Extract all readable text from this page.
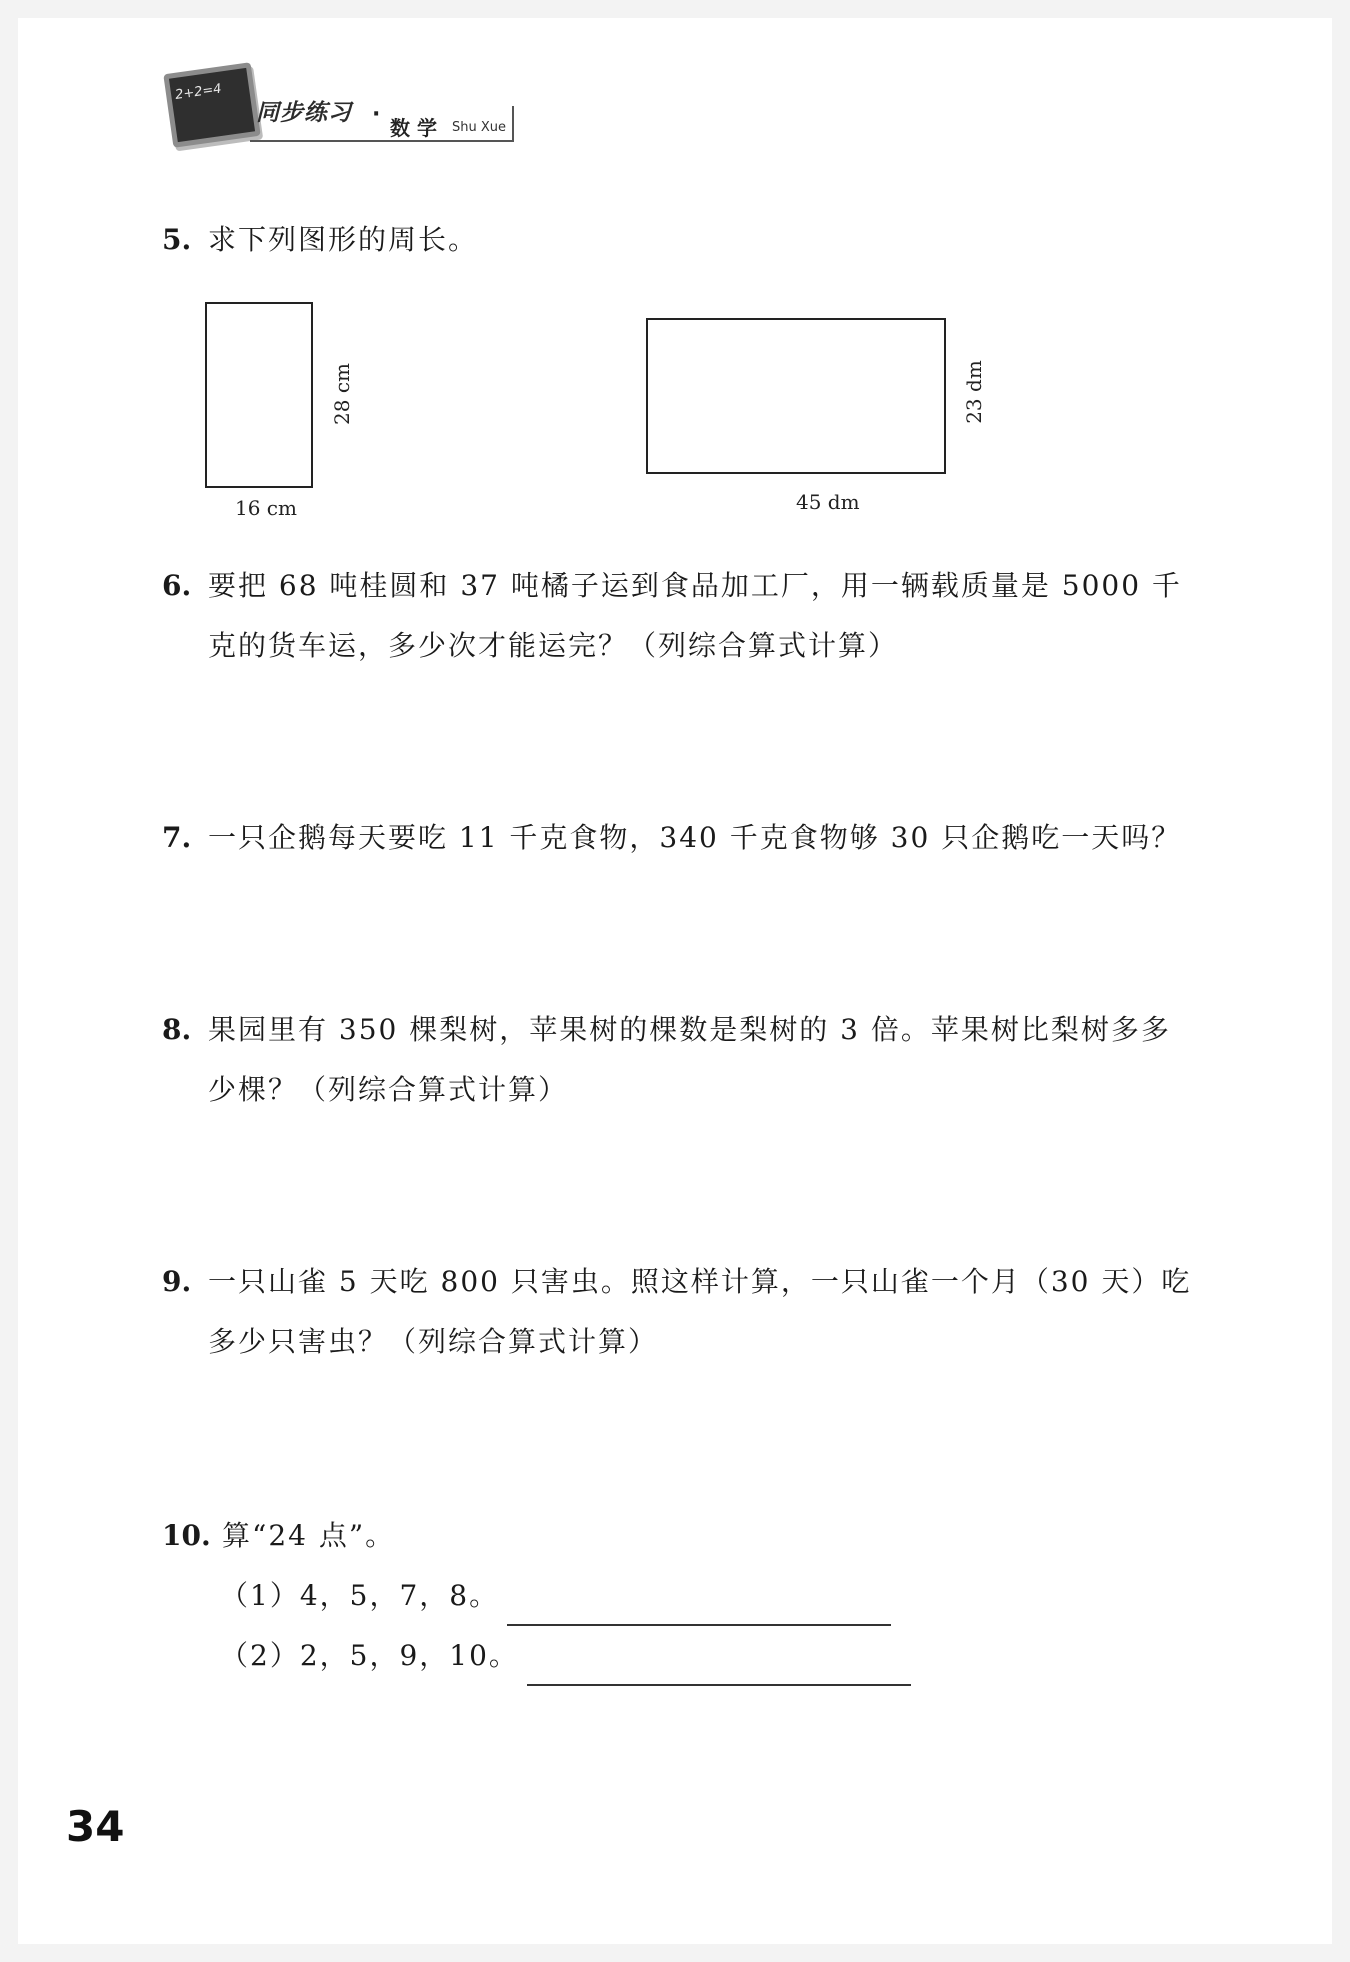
2+2=4
同步练习 ·
数 学 Shu Xue
5. 求下列图形的周长。
16 cm
28 cm
45 dm
23 dm
6. 要把 68 吨桂圆和 37 吨橘子运到食品加工厂，用一辆载质量是 5000 千
克的货车运，多少次才能运完？（列综合算式计算）
7. 一只企鹅每天要吃 11 千克食物，340 千克食物够 30 只企鹅吃一天吗？
8. 果园里有 350 棵梨树，苹果树的棵数是梨树的 3 倍。苹果树比梨树多多
少棵？（列综合算式计算）
9. 一只山雀 5 天吃 800 只害虫。照这样计算，一只山雀一个月（30 天）吃
多少只害虫？（列综合算式计算）
10. 算“24 点”。
（1）4，5，7，8。
（2）2，5，9，10。
34
